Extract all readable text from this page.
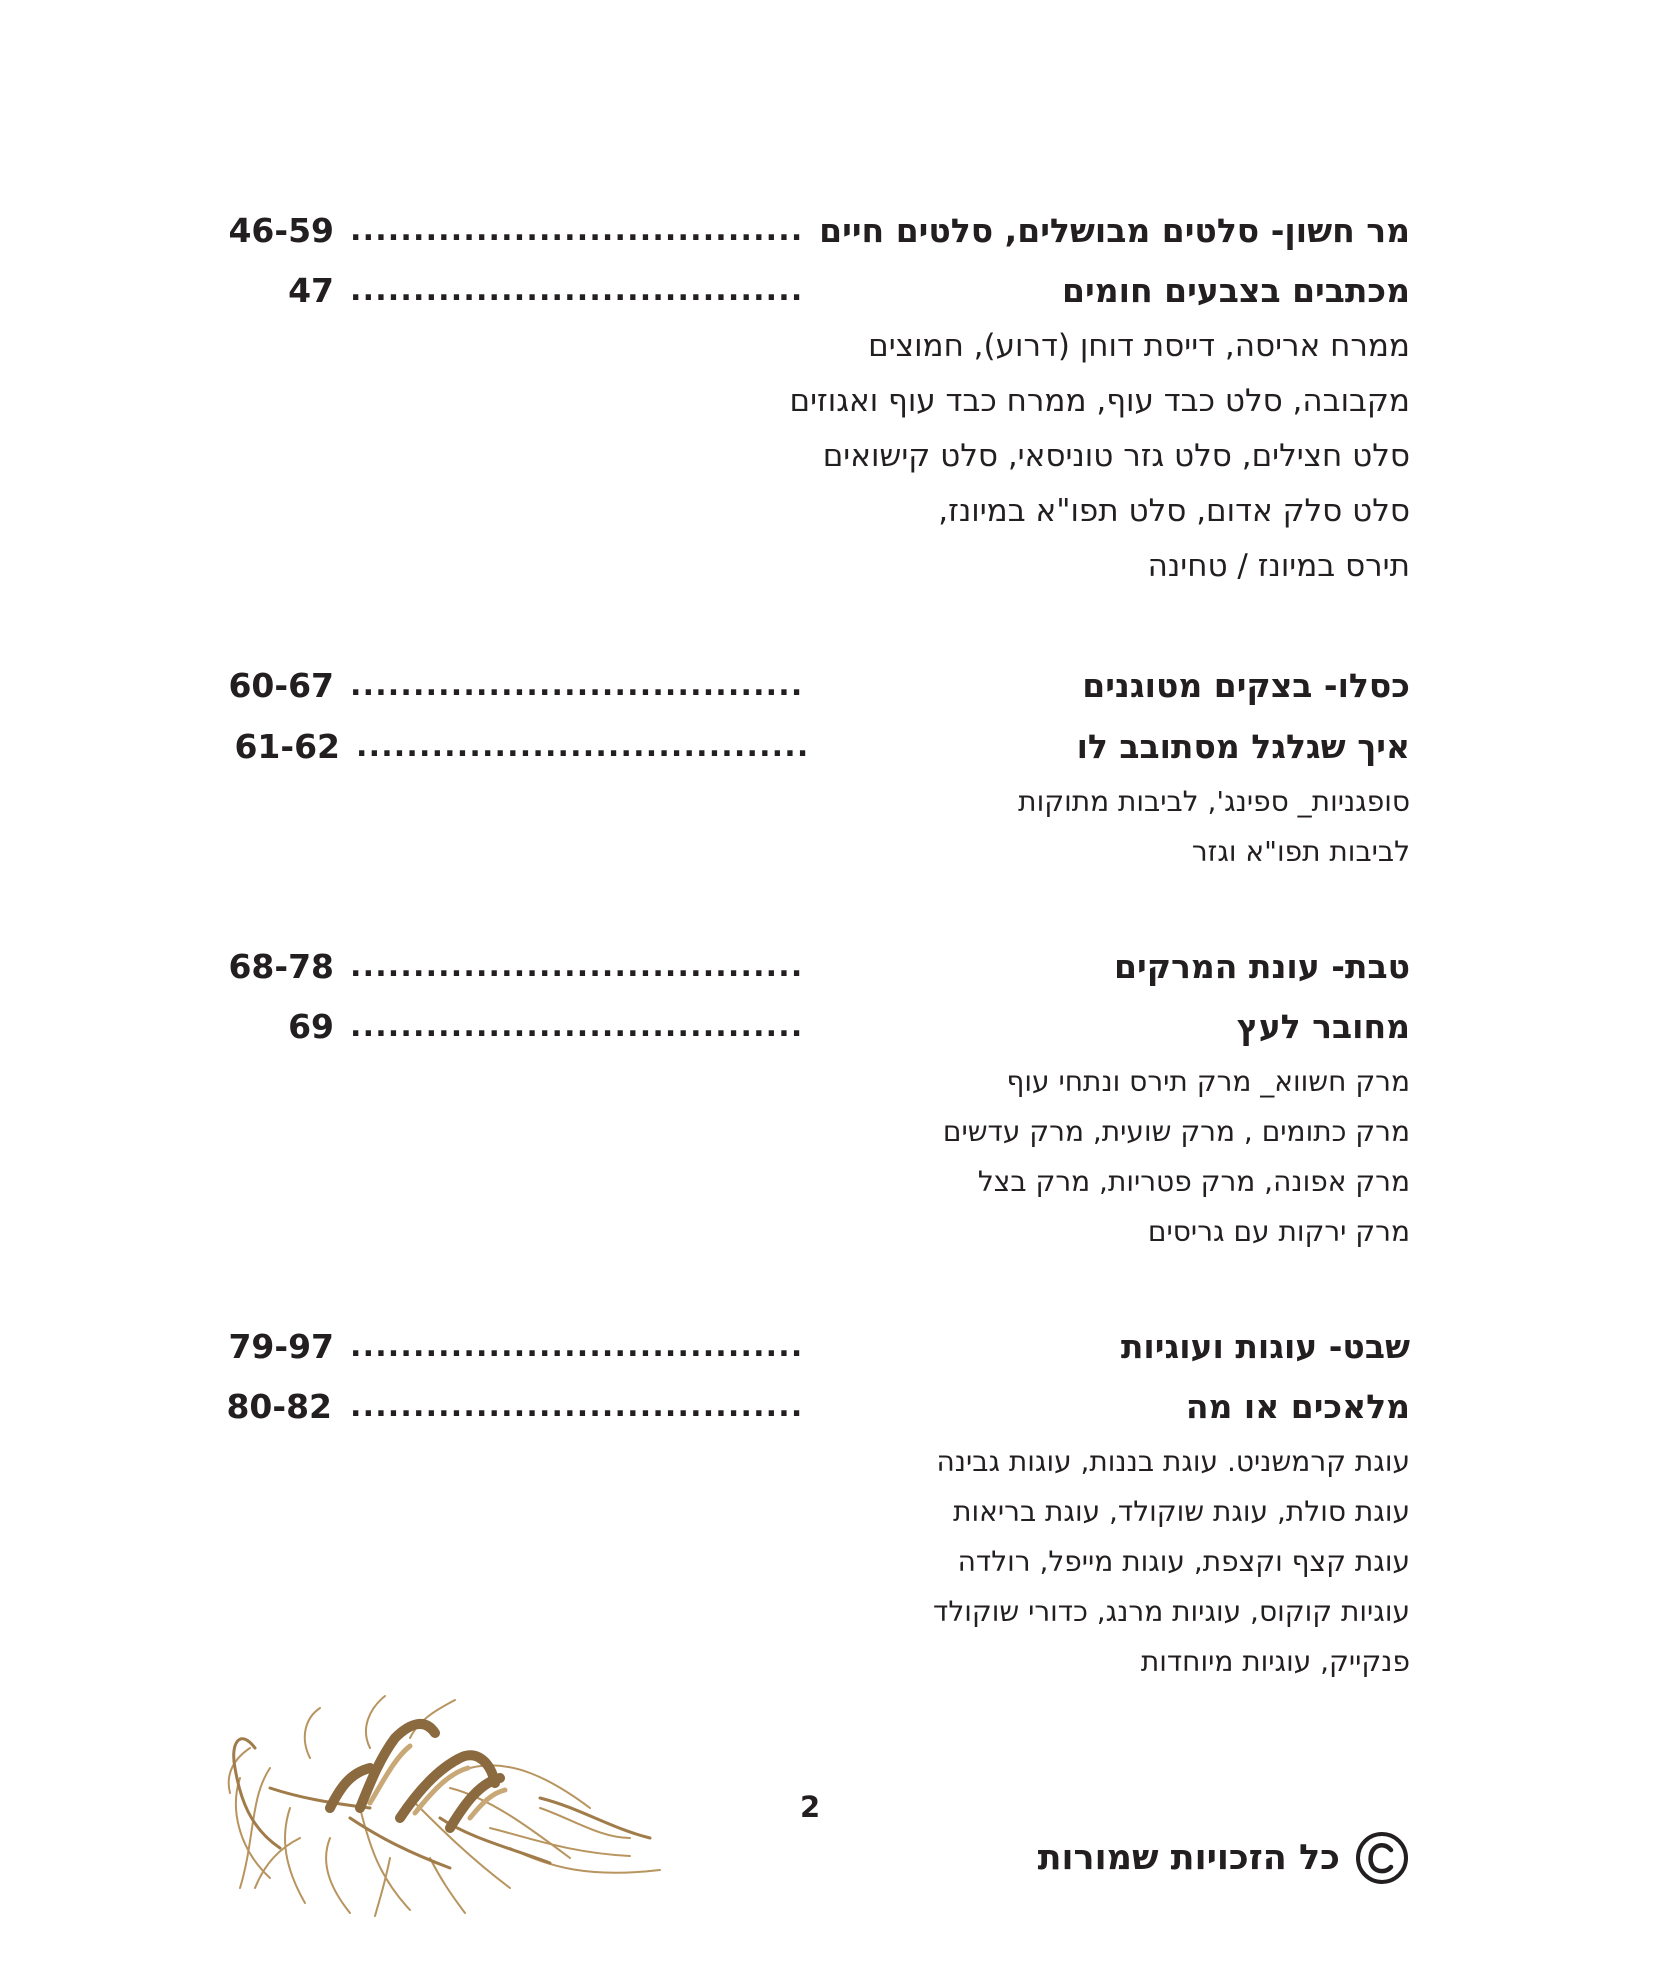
מר חשון- סלטים מבושלים, סלטים חיים
....................................
46-59
מכתבים בצבעים חומים
....................................
47
ממרח אריסה, דייסת דוחן (דרוע), חמוצים
מקבובה, סלט כבד עוף, ממרח כבד עוף ואגוזים
סלט חצילים, סלט גזר טוניסאי, סלט קישואים
סלט סלק אדום, סלט תפו"א במיונז,
תירס במיונז / טחינה
כסלו- בצקים מטוגנים
....................................
60-67
איך שגלגל מסתובב לו
....................................
61-62
סופגניות_ ספינג', לביבות מתוקות
לביבות תפו"א וגזר
טבת- עונת המרקים
....................................
68-78
מחובר לעץ
....................................
69
מרק חשווא_ מרק תירס ונתחי עוף
מרק כתומים , מרק שועית, מרק עדשים
מרק אפונה, מרק פטריות, מרק בצל
מרק ירקות עם גריסים
שבט- עוגות ועוגיות
....................................
79-97
מלאכים או מה
....................................
80-82
עוגת קרמשניט. עוגת בננות, עוגות גבינה
עוגת סולת, עוגת שוקולד, עוגת בריאות
עוגת קצף וקצפת, עוגות מייפל, רולדה
עוגיות קוקוס, עוגיות מרנג, כדורי שוקולד
פנקייק, עוגיות מיוחדות
2
כל הזכויות שמורות
